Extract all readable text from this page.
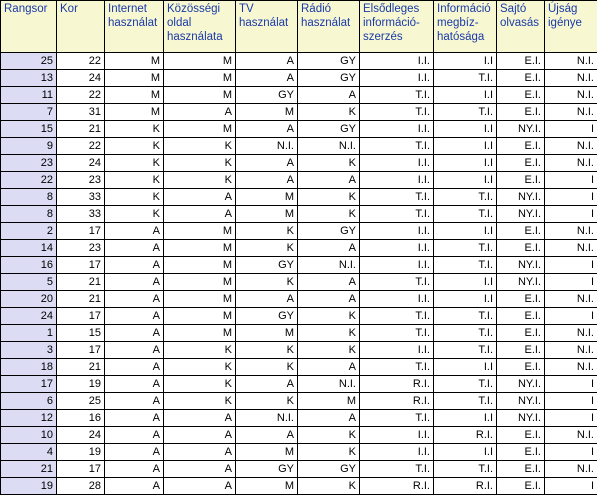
Rangsor	Kor	Internet használat	Közösségi oldal használata	TV használat	Rádió használat	Elsődleges információ-szerzés	Információ megbíz-hatósága	Sajtó olvasás	Újság igénye
25	22	M	M	A	GY	I.I.	I.I	E.I.	N.I.
13	24	M	M	A	GY	I.I.	T.I.	E.I.	N.I.
11	22	M	M	GY	A	T.I.	I.I	E.I.	N.I.
7	31	M	A	M	K	T.I.	T.I.	E.I.	N.I.
15	21	K	M	A	GY	I.I.	I.I	NY.I.	I
9	22	K	K	N.I.	N.I.	T.I.	I.I	E.I.	N.I.
23	24	K	K	A	K	I.I.	I.I	E.I.	N.I.
22	23	K	K	A	A	I.I.	I.I	E.I.	I
8	33	K	A	M	K	T.I.	T.I.	NY.I.	I
8	33	K	A	M	K	T.I.	T.I.	NY.I.	I
2	17	A	M	K	GY	I.I.	I.I	E.I.	N.I.
14	23	A	M	K	A	I.I.	T.I.	E.I.	N.I.
16	17	A	M	GY	N.I.	I.I.	T.I.	NY.I.	I
5	21	A	M	K	A	T.I.	I.I	NY.I.	I
20	21	A	M	A	A	I.I.	I.I	E.I.	N.I.
24	17	A	M	GY	K	T.I.	T.I.	E.I.	I
1	15	A	M	M	K	T.I.	T.I.	E.I.	N.I.
3	17	A	K	K	K	I.I.	T.I.	E.I.	N.I.
18	21	A	K	K	A	T.I.	I.I	E.I.	N.I.
17	19	A	K	A	N.I.	R.I.	T.I.	NY.I.	I
6	25	A	K	K	M	R.I.	T.I.	NY.I.	I
12	16	A	A	N.I.	A	T.I.	I.I	NY.I.	I
10	24	A	A	A	K	I.I.	R.I.	E.I.	N.I.
4	19	A	A	M	K	I.I.	I.I	E.I.	I
21	17	A	A	GY	GY	T.I.	T.I.	E.I.	N.I.
19	28	A	A	M	K	R.I.	R.I.	E.I.	I
